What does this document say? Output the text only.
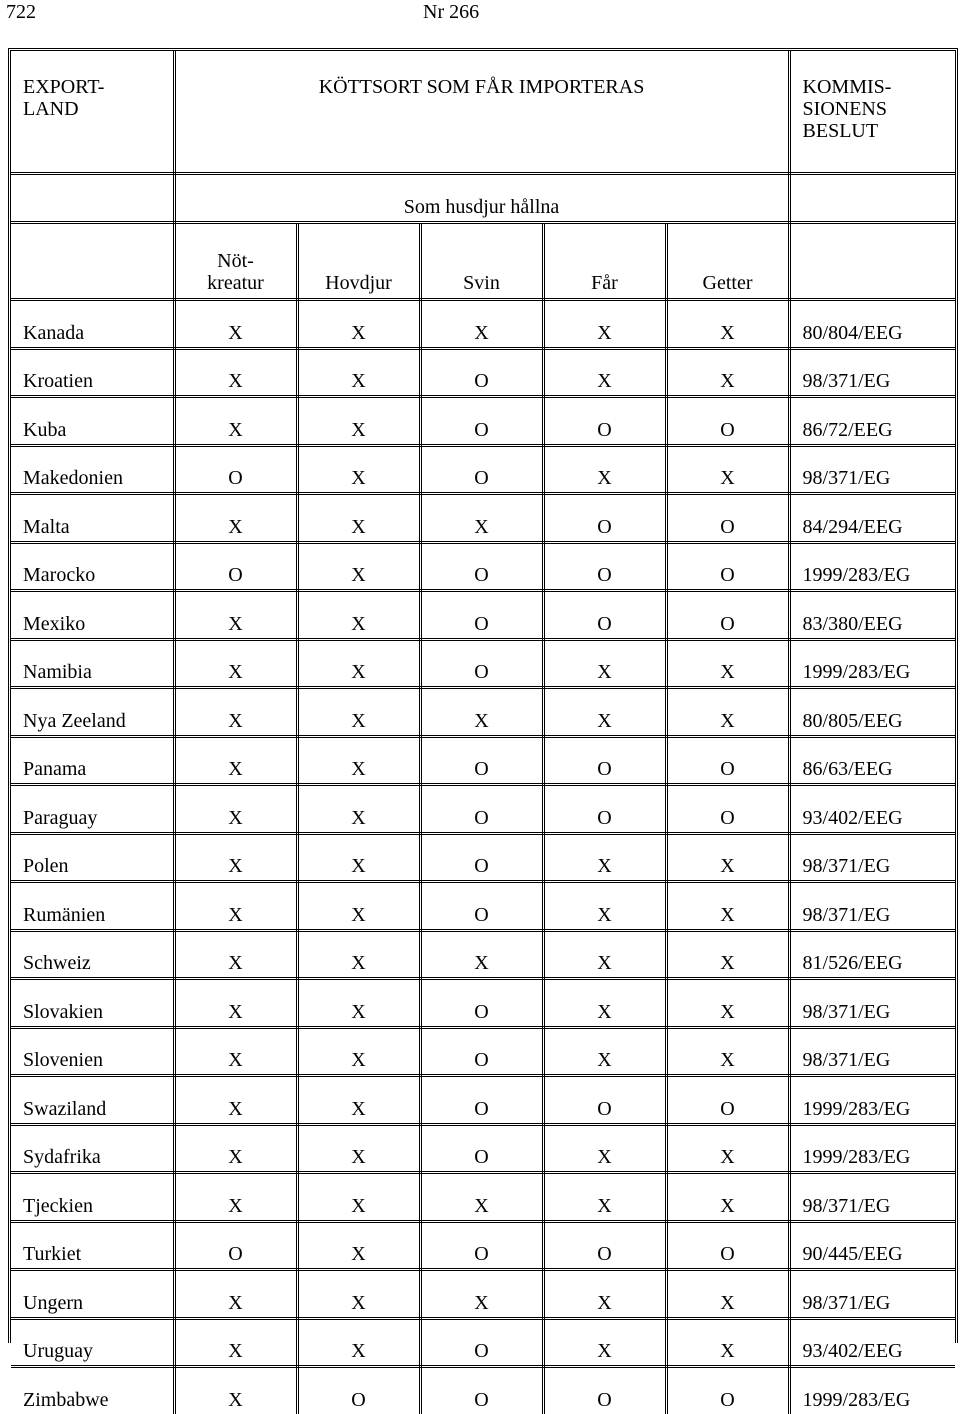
722	Nr 266
EXPORT-
LAND	KÖTTSORT SOM FÅR IMPORTERAS					KOMMIS-
SIONENS
BESLUT
	Som husdjur hållna					
	Nöt-
kreatur	Hovdjur	Svin	Får	Getter	
Kanada	X	X	X	X	X	80/804/EEG
Kroatien	X	X	O	X	X	98/371/EG
Kuba	X	X	O	O	O	86/72/EEG
Makedonien	O	X	O	X	X	98/371/EG
Malta	X	X	X	O	O	84/294/EEG
Marocko	O	X	O	O	O	1999/283/EG
Mexiko	X	X	O	O	O	83/380/EEG
Namibia	X	X	O	X	X	1999/283/EG
Nya Zeeland	X	X	X	X	X	80/805/EEG
Panama	X	X	O	O	O	86/63/EEG
Paraguay	X	X	O	O	O	93/402/EEG
Polen	X	X	O	X	X	98/371/EG
Rumänien	X	X	O	X	X	98/371/EG
Schweiz	X	X	X	X	X	81/526/EEG
Slovakien	X	X	O	X	X	98/371/EG
Slovenien	X	X	O	X	X	98/371/EG
Swaziland	X	X	O	O	O	1999/283/EG
Sydafrika	X	X	O	X	X	1999/283/EG
Tjeckien	X	X	X	X	X	98/371/EG
Turkiet	O	X	O	O	O	90/445/EEG
Ungern	X	X	X	X	X	98/371/EG
Uruguay	X	X	O	X	X	93/402/EEG
Zimbabwe	X	O	O	O	O	1999/283/EG
